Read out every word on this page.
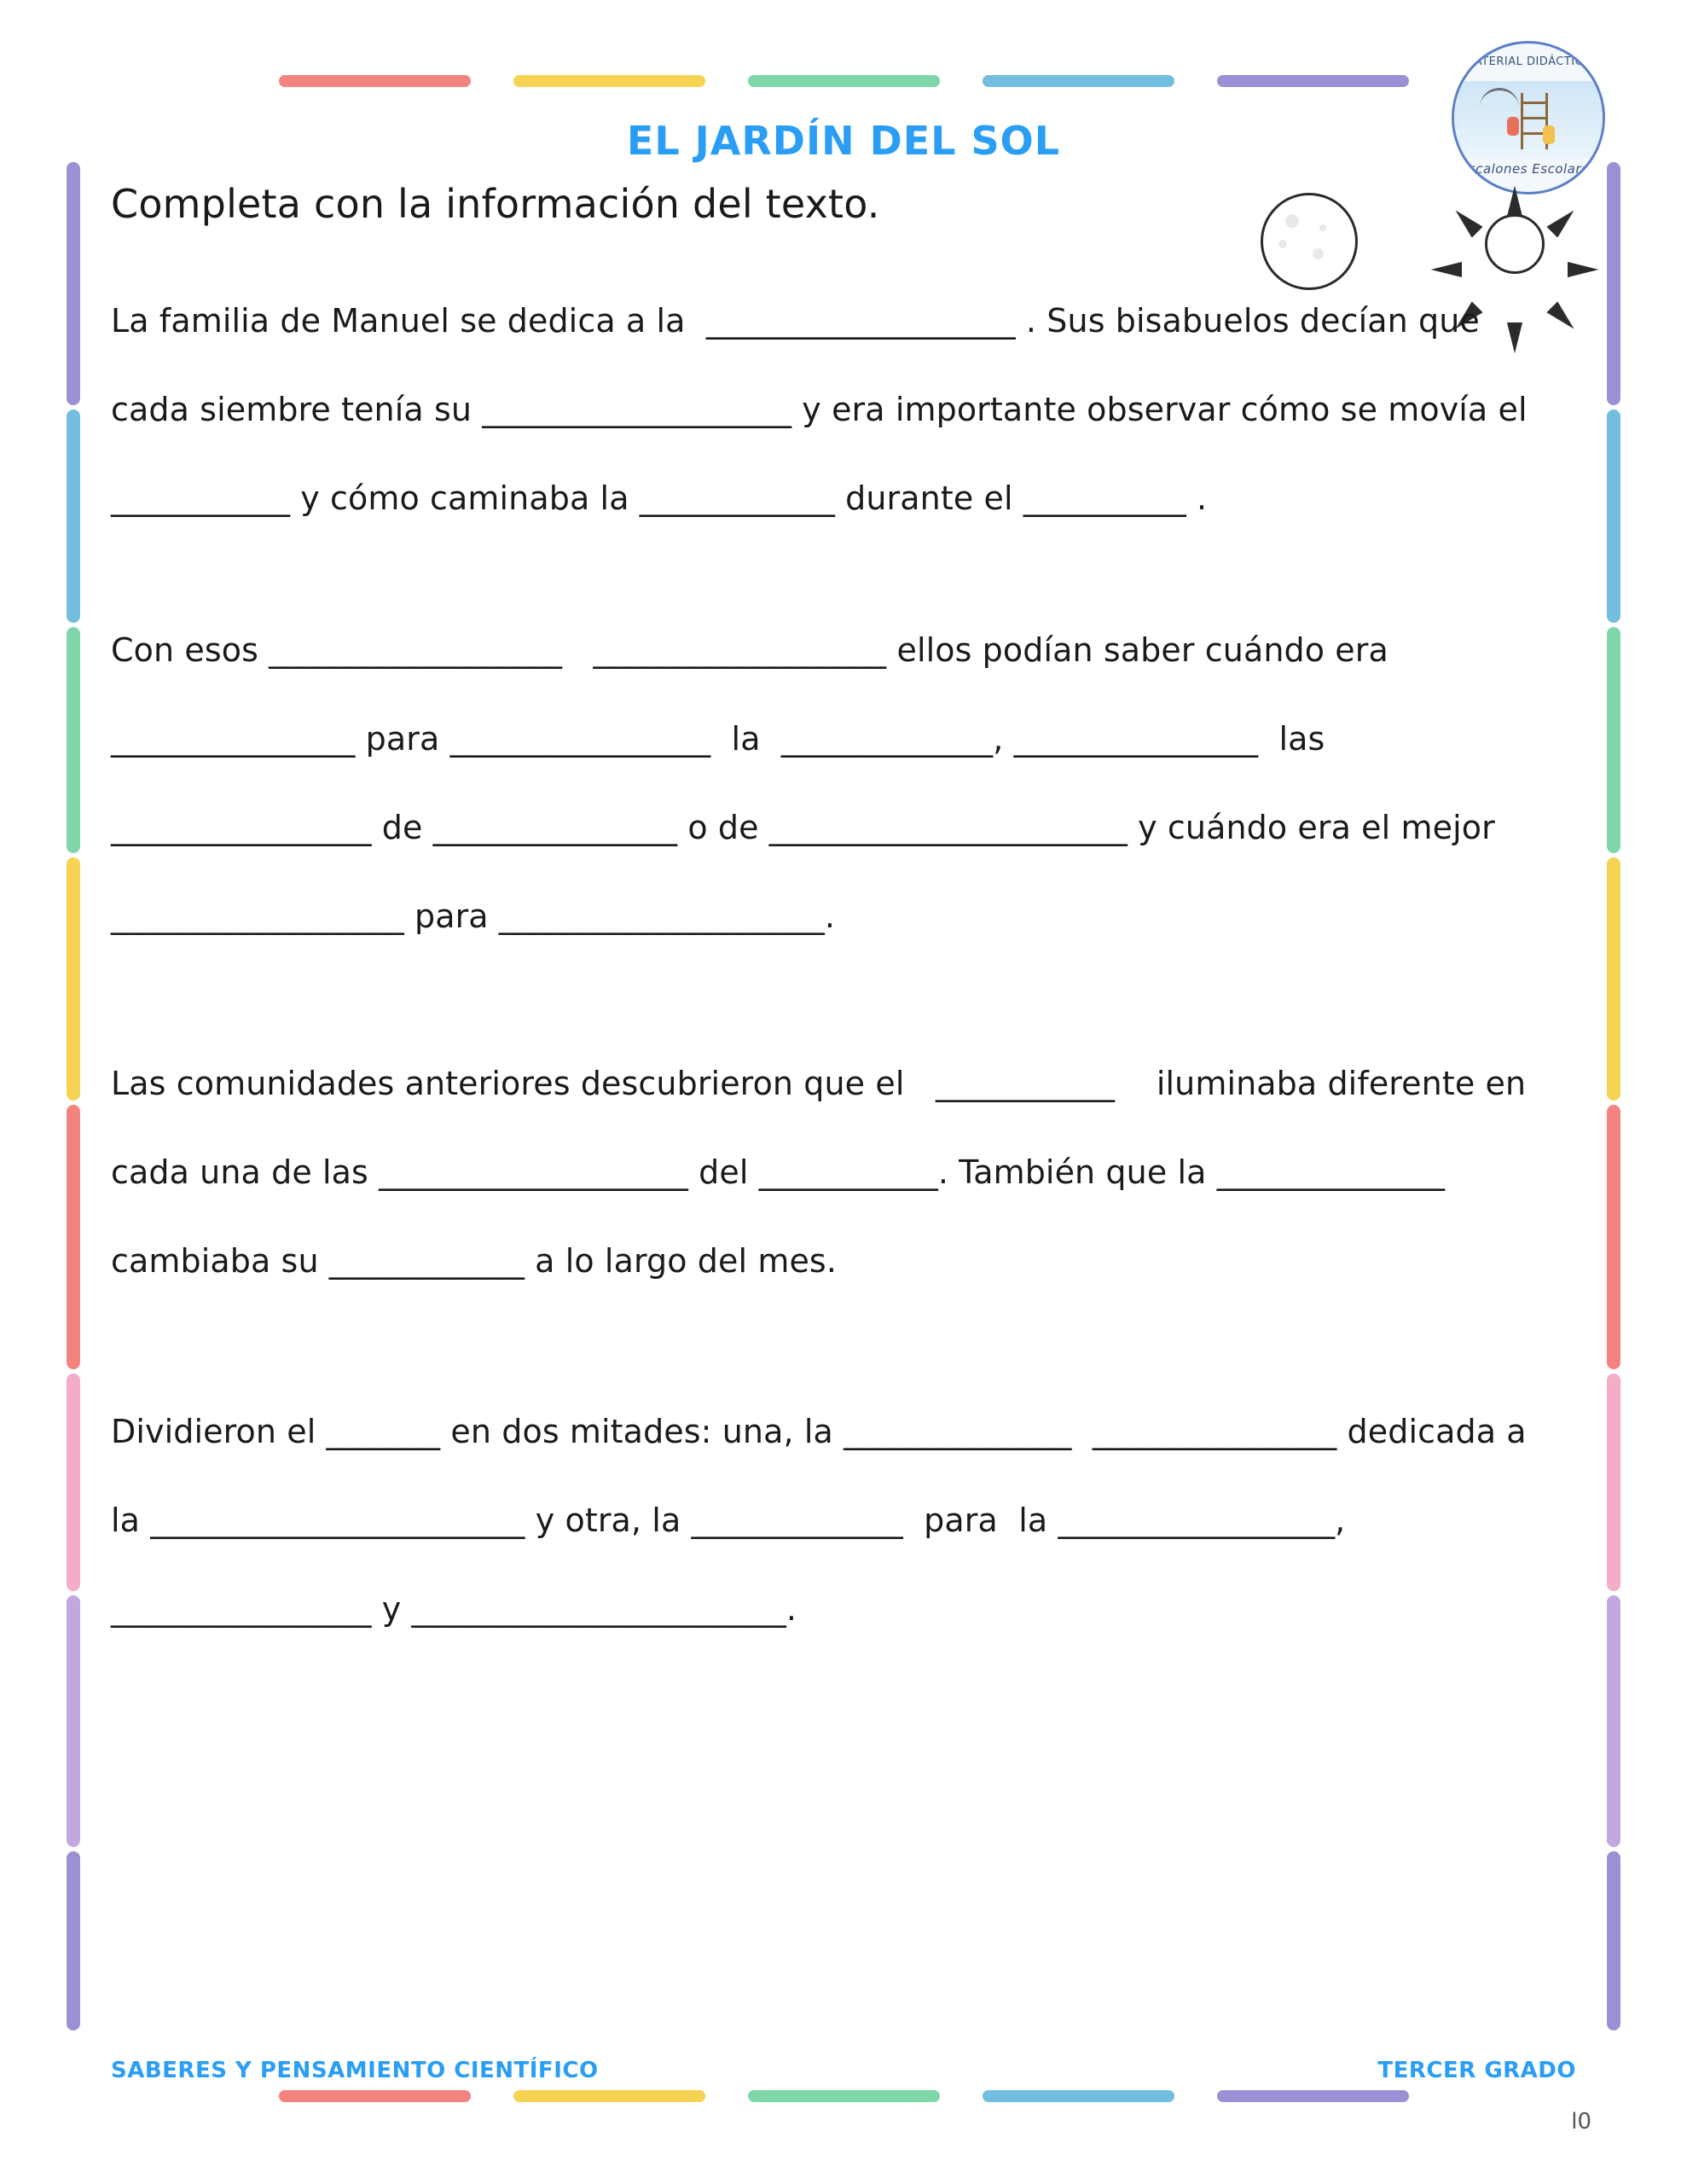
EL JARDÍN DEL SOL
MATERIAL DIDÁCTICO
Escalones Escolares

Completa con la información del texto.

La familia de Manuel se dedica a la  ___________________ . Sus bisabuelos decían que cada siembre tenía su ___________________ y era importante observar cómo se movía el ___________ y cómo caminaba la ____________ durante el __________ .

Con esos __________________   __________________ ellos podían saber cuándo era _______________ para ________________  la  _____________, _______________  las  ________________ de _______________ o de ______________________ y cuándo era el mejor __________________ para ____________________.

Las comunidades anteriores descubrieron que el   ___________    iluminaba diferente en cada una de las ___________________ del ___________. También que la ______________ cambiaba su ____________ a lo largo del mes.

Dividieron el _______ en dos mitades: una, la ______________  _______________ dedicada a la _______________________ y otra, la _____________  para  la _________________, ________________ y _______________________.

SABERES Y PENSAMIENTO CIENTÍFICO	TERCER GRADO
l0
